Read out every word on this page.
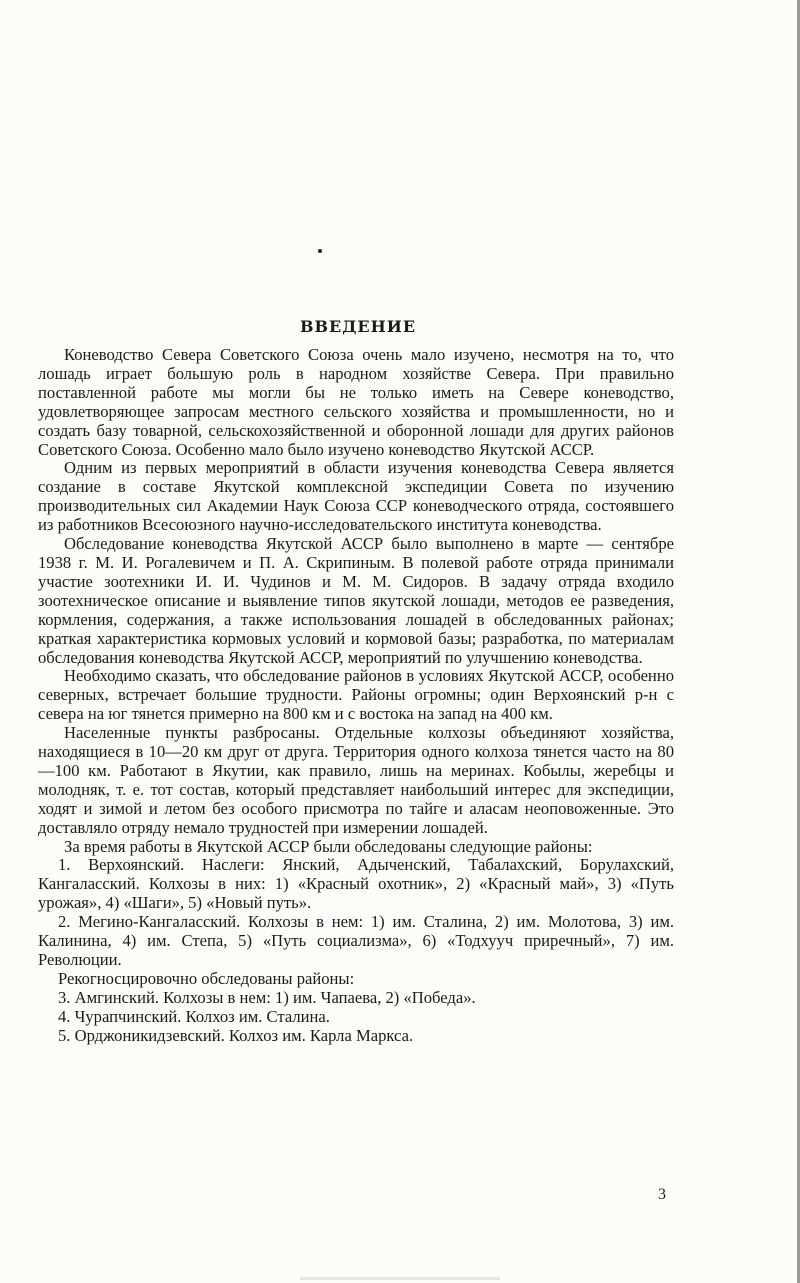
ВВЕДЕНИЕ

Коневодство Севера Советского Союза очень мало изучено, несмотря на то, что лошадь играет большую роль в народном хозяйстве Севера. При правильно поставленной работе мы могли бы не только иметь на Севере коневодство, удовлетворяющее запросам местного сельского хозяйства и промышленности, но и создать базу товарной, сельскохозяйственной и оборонной лошади для других районов Советского Союза. Особенно мало было изучено коневодство Якутской АССР.

Одним из первых мероприятий в области изучения коневодства Севера является создание в составе Якутской комплексной экспедиции Совета по изучению производительных сил Академии Наук Союза ССР коневодческого отряда, состоявшего из работников Всесоюзного научно-исследовательского института коневодства.

Обследование коневодства Якутской АССР было выполнено в марте — сентябре 1938 г. М. И. Рогалевичем и П. А. Скрипиным. В полевой работе отряда принимали участие зоотехники И. И. Чудинов и М. М. Сидоров. В задачу отряда входило зоотехническое описание и выявление типов якутской лошади, методов ее разведения, кормления, содержания, а также использования лошадей в обследованных районах; краткая характеристика кормовых условий и кормовой базы; разработка, по материалам обследования коневодства Якутской АССР, мероприятий по улучшению коневодства.

Необходимо сказать, что обследование районов в условиях Якутской АССР, особенно северных, встречает большие трудности. Районы огромны; один Верхоянский р-н с севера на юг тянется примерно на 800 км и с востока на запад на 400 км.

Населенные пункты разбросаны. Отдельные колхозы объединяют хозяйства, находящиеся в 10—20 км друг от друга. Территория одного колхоза тянется часто на 80—100 км. Работают в Якутии, как правило, лишь на меринах. Кобылы, жеребцы и молодняк, т. е. тот состав, который представляет наибольший интерес для экспедиции, ходят и зимой и летом без особого присмотра по тайге и аласам неоповоженные. Это доставляло отряду немало трудностей при измерении лошадей.

За время работы в Якутской АССР были обследованы следующие районы:

1. Верхоянский. Наслеги: Янский, Адыченский, Табалахский, Борулахский, Кангаласский. Колхозы в них: 1) «Красный охотник», 2) «Красный май», 3) «Путь урожая», 4) «Шаги», 5) «Новый путь».

2. Мегино-Кангаласский. Колхозы в нем: 1) им. Сталина, 2) им. Молотова, 3) им. Калинина, 4) им. Степа, 5) «Путь социализма», 6) «Тодхууч приречный», 7) им. Революции.

Рекогносцировочно обследованы районы:

3. Амгинский. Колхозы в нем: 1) им. Чапаева, 2) «Победа».

4. Чурапчинский. Колхоз им. Сталина.

5. Орджоникидзевский. Колхоз им. Карла Маркса.

3
